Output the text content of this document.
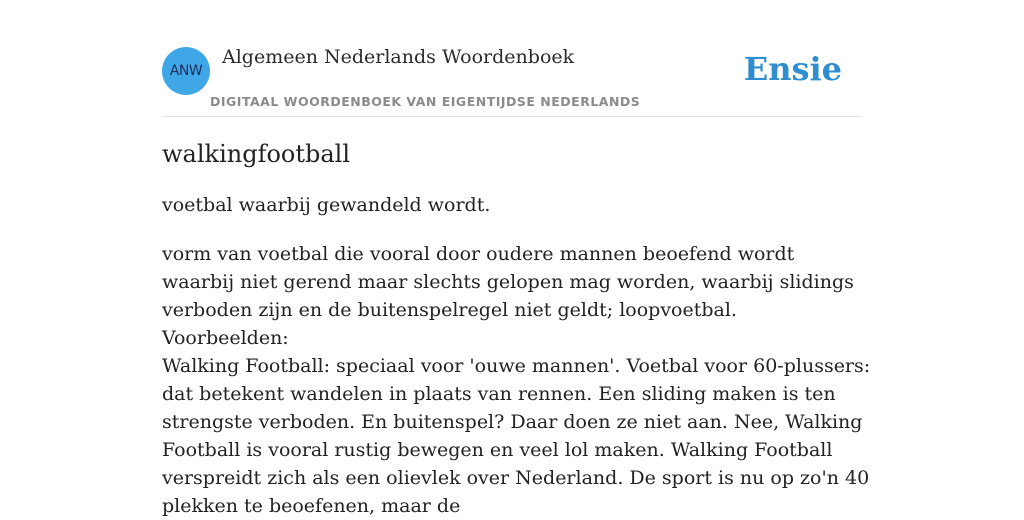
ANW
Algemeen Nederlands Woordenboek
DIGITAAL WOORDENBOEK VAN EIGENTIJDSE NEDERLANDS
Ensie
walkingfootball
voetbal waarbij gewandeld wordt.

vorm van voetbal die vooral door oudere mannen beoefend wordt waarbij niet gerend maar slechts gelopen mag worden, waarbij slidings verboden zijn en de buitenspelregel niet geldt; loopvoetbal.

Voorbeelden:

Walking Football: speciaal voor 'ouwe mannen'. Voetbal voor 60-plussers: dat betekent wandelen in plaats van rennen. Een sliding maken is ten strengste verboden. En buitenspel? Daar doen ze niet aan. Nee, Walking Football is vooral rustig bewegen en veel lol maken. Walking Football verspreidt zich als een olievlek over Nederland. De sport is nu op zo'n 40 plekken te beoefenen, maar de
